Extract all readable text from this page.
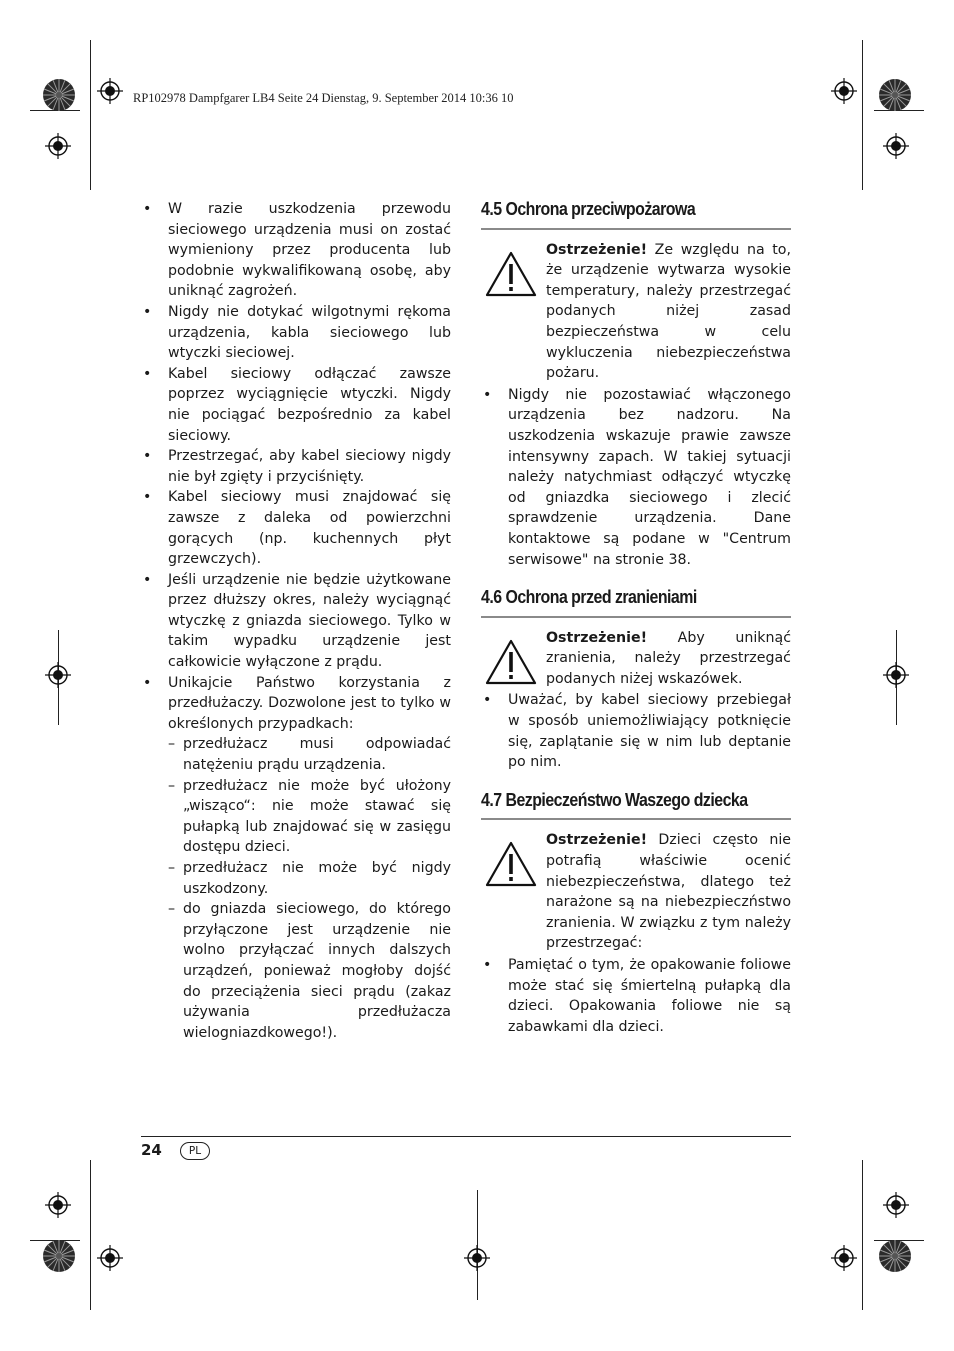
RP102978 Dampfgarer LB4 Seite 24 Dienstag, 9. September 2014 10:36 10
• W razie uszkodzenia przewodu sieciowego urządzenia musi on zostać wymieniony przez producenta lub podobnie wykwalifikowaną osobę, aby uniknąć zagrożeń.
• Nigdy nie dotykać wilgotnymi rękoma urządzenia, kabla sieciowego lub wtyczki sieciowej.
• Kabel sieciowy odłączać zawsze poprzez wyciągnięcie wtyczki. Nigdy nie pociągać bezpośrednio za kabel sieciowy.
• Przestrzegać, aby kabel sieciowy nigdy nie był zgięty i przyciśnięty.
• Kabel sieciowy musi znajdować się zawsze z daleka od powierzchni gorących (np. kuchennych płyt grzewczych).
• Jeśli urządzenie nie będzie użytkowane przez dłuższy okres, należy wyciągnąć wtyczkę z gniazda sieciowego. Tylko w takim wypadku urządzenie jest całkowicie wyłączone z prądu.
• Unikajcie Państwo korzystania z przedłużaczy. Dozwolone jest to tylko w określonych przypadkach:
– przedłużacz musi odpowiadać natężeniu prądu urządzenia.
– przedłużacz nie może być ułożony „wisząco“: nie może stawać się pułapką lub znajdować się w zasięgu dostępu dzieci.
– przedłużacz nie może być nigdy uszkodzony.
– do gniazda sieciowego, do którego przyłączone jest urządzenie nie wolno przyłączać innych dalszych urządzeń, ponieważ mogłoby dojść do przeciążenia sieci prądu (zakaz używania przedłużacza wielogniazdkowego!).
4.5 Ochrona przeciwpożarowa

Ostrzeżenie! Ze względu na to, że urządzenie wytwarza wysokie temperatury, należy przestrzegać podanych niżej zasad bezpieczeństwa w celu wykluczenia niebezpieczeństwa pożaru.

• Nigdy nie pozostawiać włączonego urządzenia bez nadzoru. Na uszkodzenia wskazuje prawie zawsze intensywny zapach. W takiej sytuacji należy natychmiast odłączyć wtyczkę od gniazdka sieciowego i zlecić sprawdzenie urządzenia. Dane kontaktowe są podane w "Centrum serwisowe" na stronie 38.
4.6 Ochrona przed zranieniami

Ostrzeżenie! Aby uniknąć zranienia, należy przestrzegać podanych niżej wskazówek.

• Uważać, by kabel sieciowy przebiegał w sposób uniemożliwiający potknięcie się, zaplątanie się w nim lub deptanie po nim.
4.7 Bezpieczeństwo Waszego dziecka

Ostrzeżenie! Dzieci często nie potrafią właściwie ocenić niebezpieczeństwa, dlatego też narażone są na niebezpieczństwo zranienia. W związku z tym należy przestrzegać:

• Pamiętać o tym, że opakowanie foliowe może stać się śmiertelną pułapką dla dzieci. Opakowania foliowe nie są zabawkami dla dzieci.
24	PL
